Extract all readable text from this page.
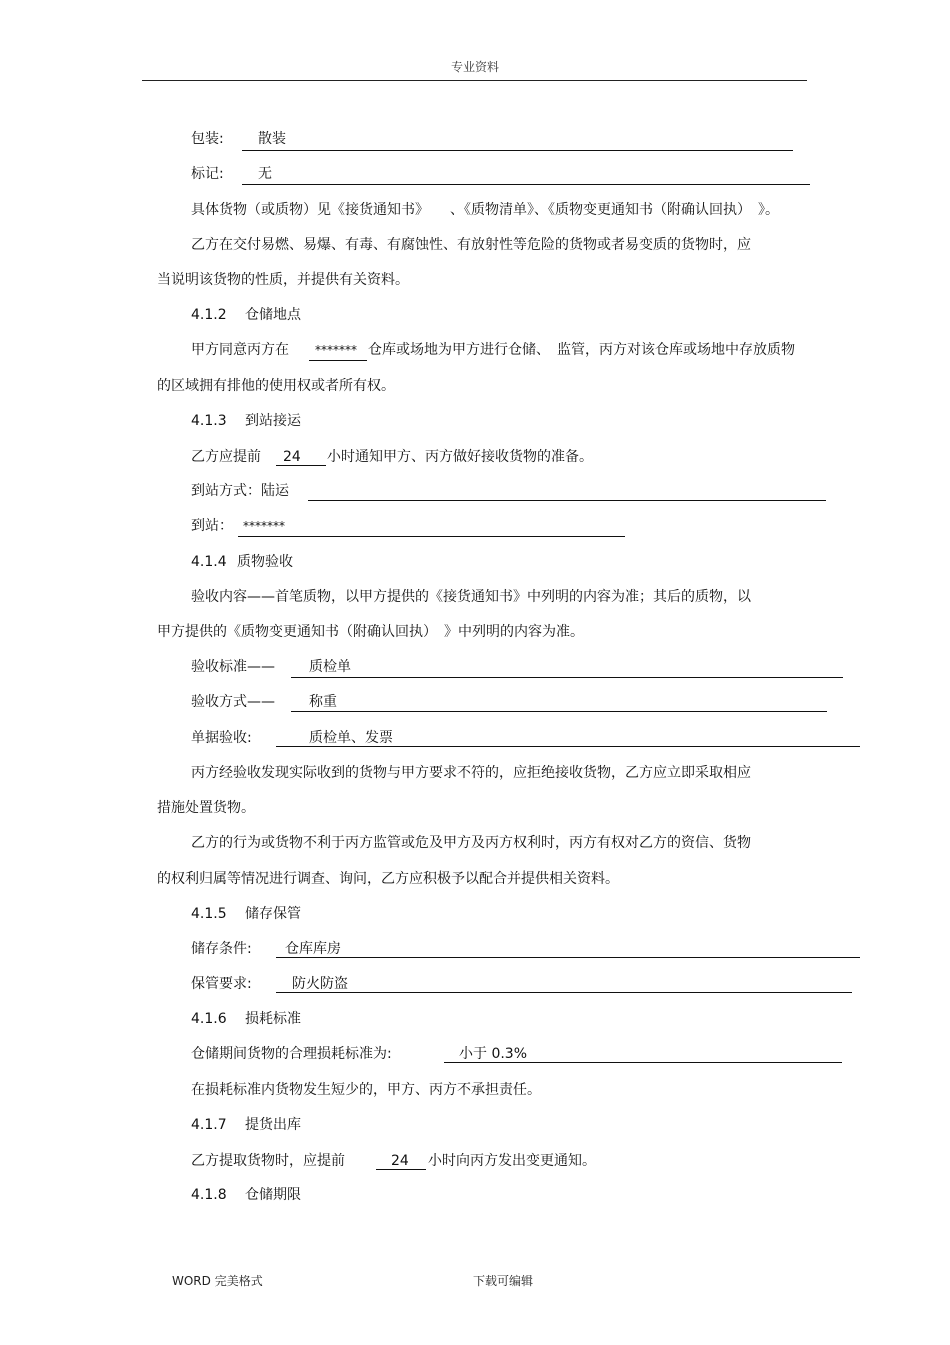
专业资料
包装: 散装
标记: 无
具体货物（或质物）见《接货通知书》　　、《质物清单》、《质物变更通知书（附确认回执）　》。
乙方在交付易燃、易爆、有毒、有腐蚀性、有放射性等危险的货物或者易变质的货物时，应
当说明该货物的性质，并提供有关资料。
4.1.2 仓储地点
甲方同意丙方在 ******* 仓库或场地为甲方进行仓储、　监管，丙方对该仓库或场地中存放质物
的区域拥有排他的使用权或者所有权。
4.1.3 到站接运
乙方应提前 24 小时通知甲方、丙方做好接收货物的准备。
到站方式：陆运
到站： *******
4.1.4 质物验收
验收内容——首笔质物，以甲方提供的《接货通知书》中列明的内容为准；其后的质物，以
甲方提供的《质物变更通知书（附确认回执）　》中列明的内容为准。
验收标准—— 质检单
验收方式—— 称重
单据验收:	质检单、发票
丙方经验收发现实际收到的货物与甲方要求不符的，应拒绝接收货物，乙方应立即采取相应
措施处置货物。
乙方的行为或货物不利于丙方监管或危及甲方及丙方权利时，丙方有权对乙方的资信、货物
的权利归属等情况进行调查、询问，乙方应积极予以配合并提供相关资料。
4.1.5 储存保管
储存条件: 仓库库房
保管要求:	防火防盗
4.1.6 损耗标准
仓储期间货物的合理损耗标准为:	小于 0.3%
在损耗标准内货物发生短少的，甲方、丙方不承担责任。
4.1.7 提货出库
乙方提取货物时，应提前	24 小时向丙方发出变更通知。
4.1.8 仓储期限
WORD 完美格式	下载可编辑
